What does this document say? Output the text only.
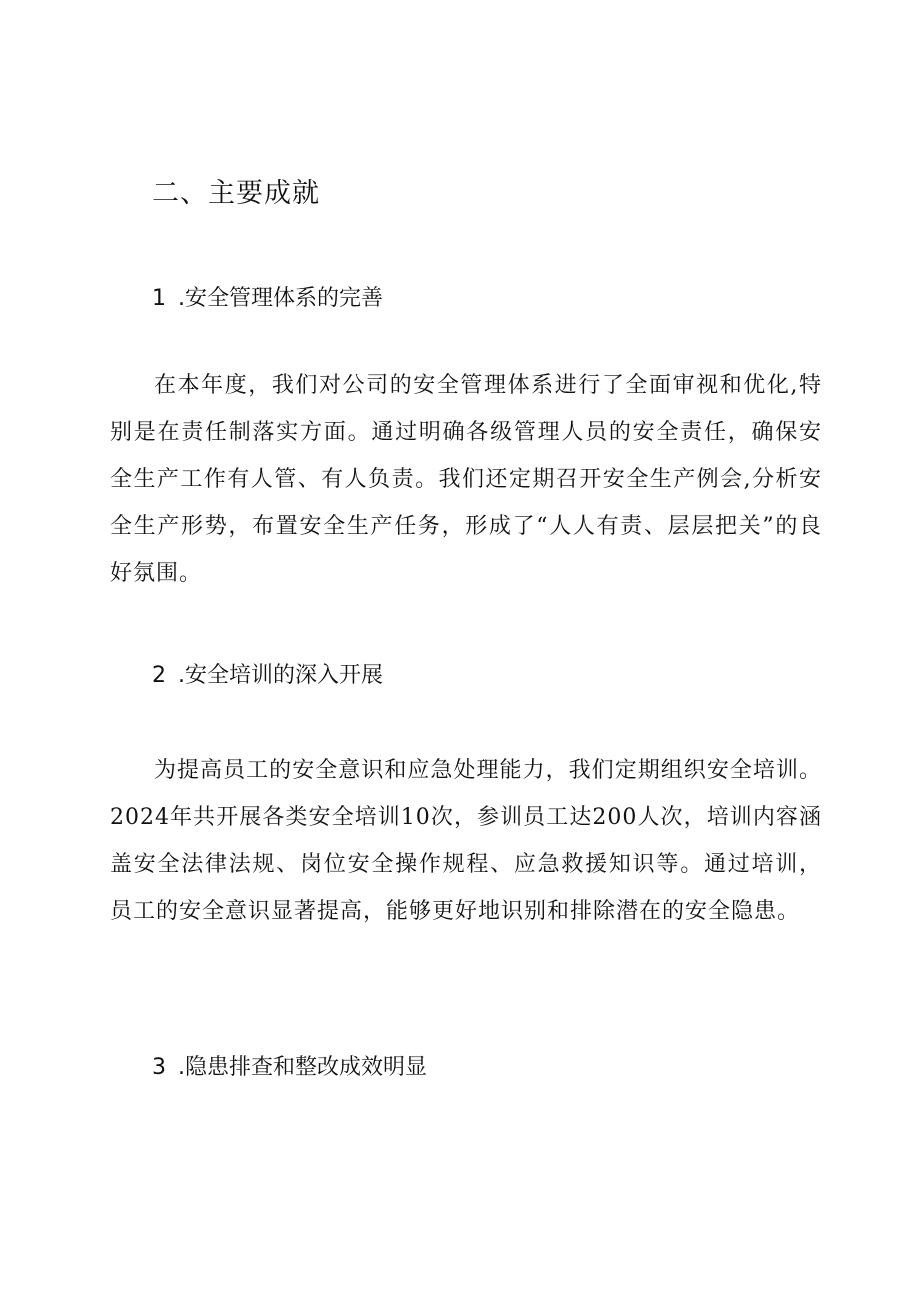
二、主要成就
1 .安全管理体系的完善

在本年度，我们对公司的安全管理体系进行了全面审视和优化,特别是在责任制落实方面。通过明确各级管理人员的安全责任，确保安全生产工作有人管、有人负责。我们还定期召开安全生产例会,分析安全生产形势，布置安全生产任务，形成了“人人有责、层层把关”的良好氛围。

2 .安全培训的深入开展

为提高员工的安全意识和应急处理能力，我们定期组织安全培训。2024年共开展各类安全培训10次，参训员工达200人次，培训内容涵盖安全法律法规、岗位安全操作规程、应急救援知识等。通过培训，员工的安全意识显著提高，能够更好地识别和排除潜在的安全隐患。

3 .隐患排查和整改成效明显
